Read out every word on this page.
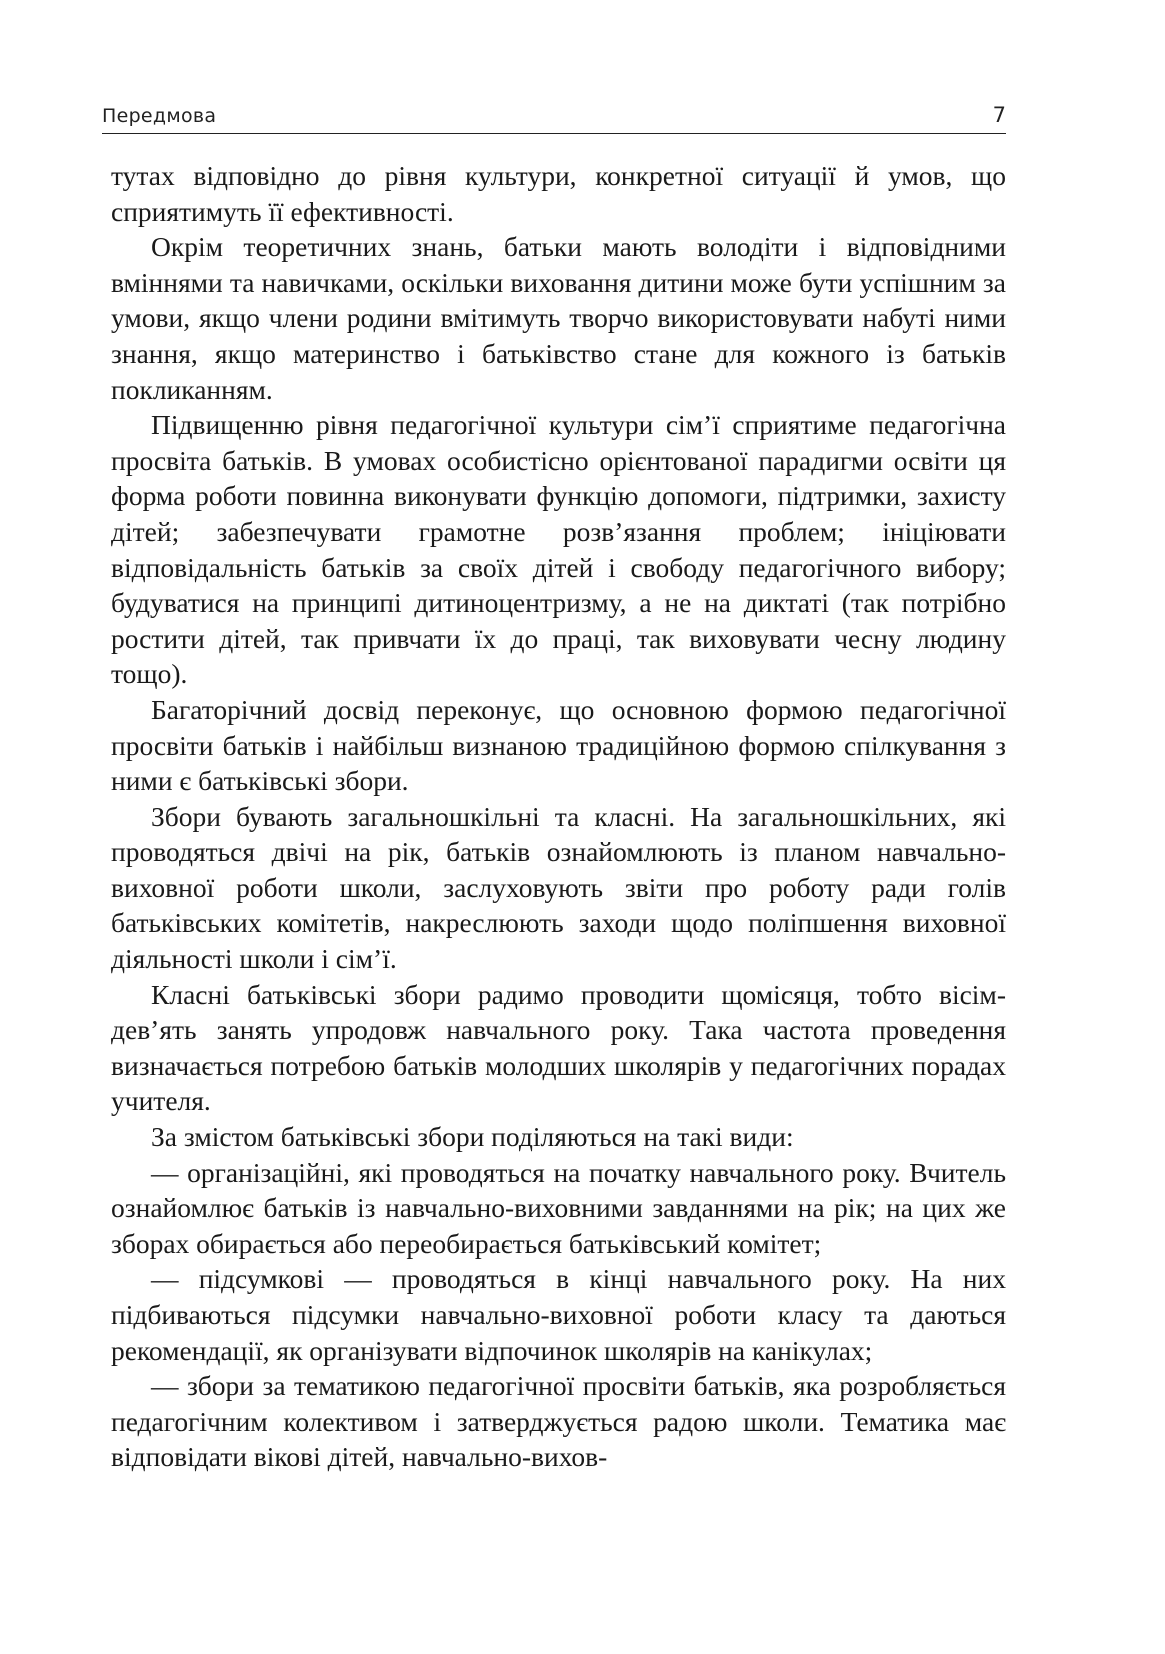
Передмова	7

тутах відповідно до рівня культури, конкретної ситуації й умов, що сприятимуть її ефективності.

Окрім теоретичних знань, батьки мають володіти і відповідними вміннями та навичками, оскільки виховання дитини може бути успішним за умови, якщо члени родини вмітимуть творчо використовувати набуті ними знання, якщо материнство і батьківство стане для кожного із батьків покликанням.

Підвищенню рівня педагогічної культури сім’ї сприятиме педагогічна просвіта батьків. В умовах особистісно орієнтованої парадигми освіти ця форма роботи повинна виконувати функцію допомоги, підтримки, захисту дітей; забезпечувати грамотне розв’язання проблем; ініціювати відповідальність батьків за своїх дітей і свободу педагогічного вибору; будуватися на принципі дитиноцентризму, а не на диктаті (так потрібно ростити дітей, так привчати їх до праці, так виховувати чесну людину тощо).

Багаторічний досвід переконує, що основною формою педагогічної просвіти батьків і найбільш визнаною традиційною формою спілкування з ними є батьківські збори.

Збори бувають загальношкільні та класні. На загальношкільних, які проводяться двічі на рік, батьків ознайомлюють із планом навчально-виховної роботи школи, заслуховують звіти про роботу ради голів батьківських комітетів, накреслюють заходи щодо поліпшення виховної діяльності школи і сім’ї.

Класні батьківські збори радимо проводити щомісяця, тобто вісім-дев’ять занять упродовж навчального року. Така частота проведення визначається потребою батьків молодших школярів у педагогічних порадах учителя.

За змістом батьківські збори поділяються на такі види:

— організаційні, які проводяться на початку навчального року. Вчитель ознайомлює батьків із навчально-виховними завданнями на рік; на цих же зборах обирається або переобирається батьківський комітет;

— підсумкові — проводяться в кінці навчального року. На них підбиваються підсумки навчально-виховної роботи класу та даються рекомендації, як організувати відпочинок школярів на канікулах;

— збори за тематикою педагогічної просвіти батьків, яка розробляється педагогічним колективом і затверджується радою школи. Тематика має відповідати вікові дітей, навчально-вихов-
